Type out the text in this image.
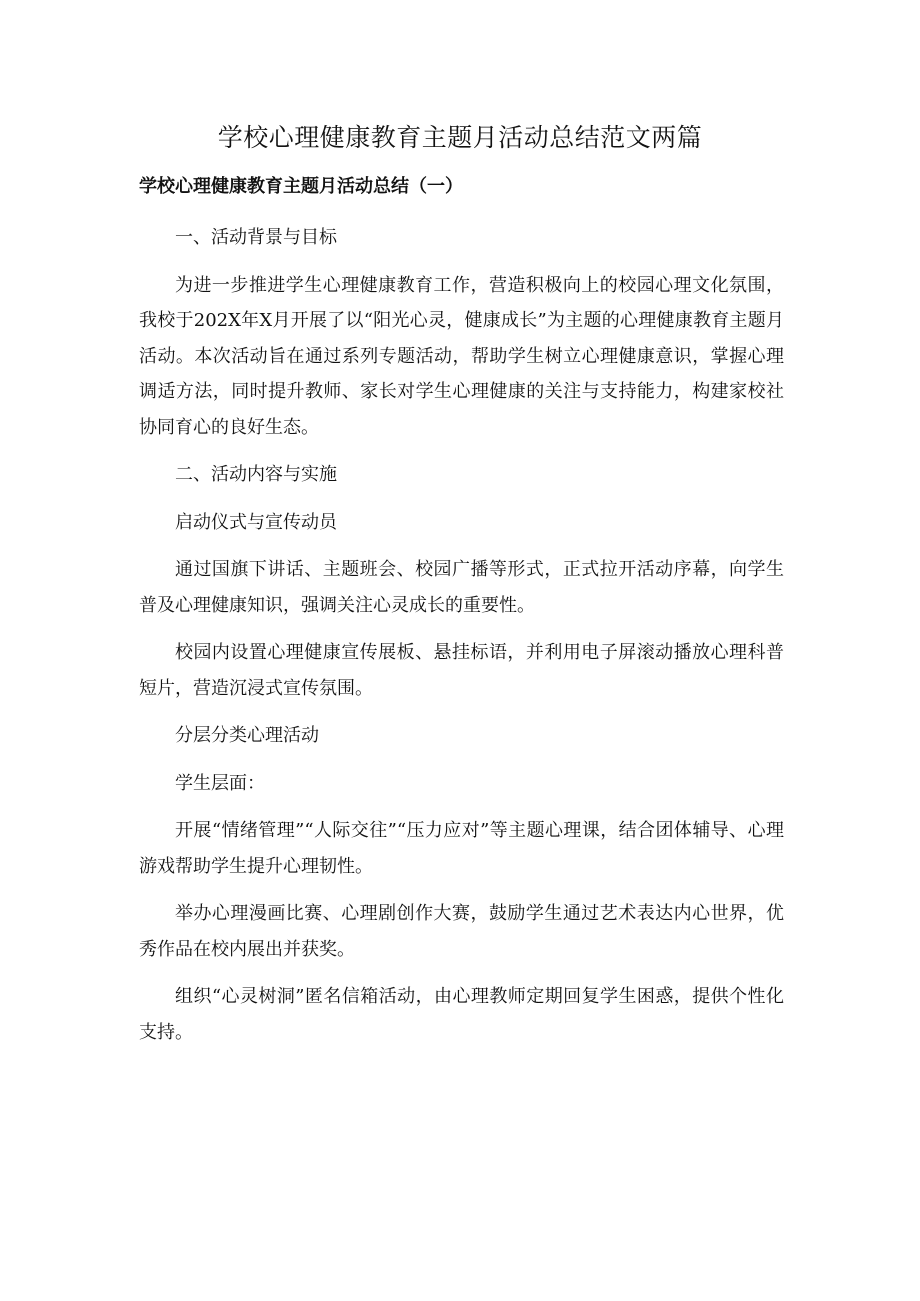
学校心理健康教育主题月活动总结范文两篇
学校心理健康教育主题月活动总结（一）

一、活动背景与目标

为进一步推进学生心理健康教育工作，营造积极向上的校园心理文化氛围，我校于202X年X月开展了以“阳光心灵，健康成长”为主题的心理健康教育主题月活动。本次活动旨在通过系列专题活动，帮助学生树立心理健康意识，掌握心理调适方法，同时提升教师、家长对学生心理健康的关注与支持能力，构建家校社协同育心的良好生态。

二、活动内容与实施

启动仪式与宣传动员

通过国旗下讲话、主题班会、校园广播等形式，正式拉开活动序幕，向学生普及心理健康知识，强调关注心灵成长的重要性。

校园内设置心理健康宣传展板、悬挂标语，并利用电子屏滚动播放心理科普短片，营造沉浸式宣传氛围。

分层分类心理活动

学生层面：

开展“情绪管理”“人际交往”“压力应对”等主题心理课，结合团体辅导、心理游戏帮助学生提升心理韧性。

举办心理漫画比赛、心理剧创作大赛，鼓励学生通过艺术表达内心世界，优秀作品在校内展出并获奖。

组织“心灵树洞”匿名信箱活动，由心理教师定期回复学生困惑，提供个性化支持。
